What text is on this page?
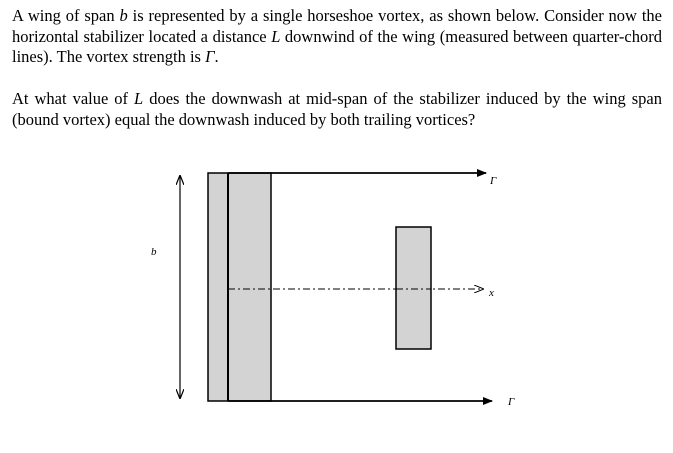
A wing of span b is represented by a single horseshoe vortex, as shown below. Consider now the horizontal stabilizer located a distance L downwind of the wing (measured between quarter-chord lines). The vortex strength is Γ.

At what value of L does the downwash at mid-span of the stabilizer induced by the wing span (bound vortex) equal the downwash induced by both trailing vortices?

b
Γ
Γ
x
